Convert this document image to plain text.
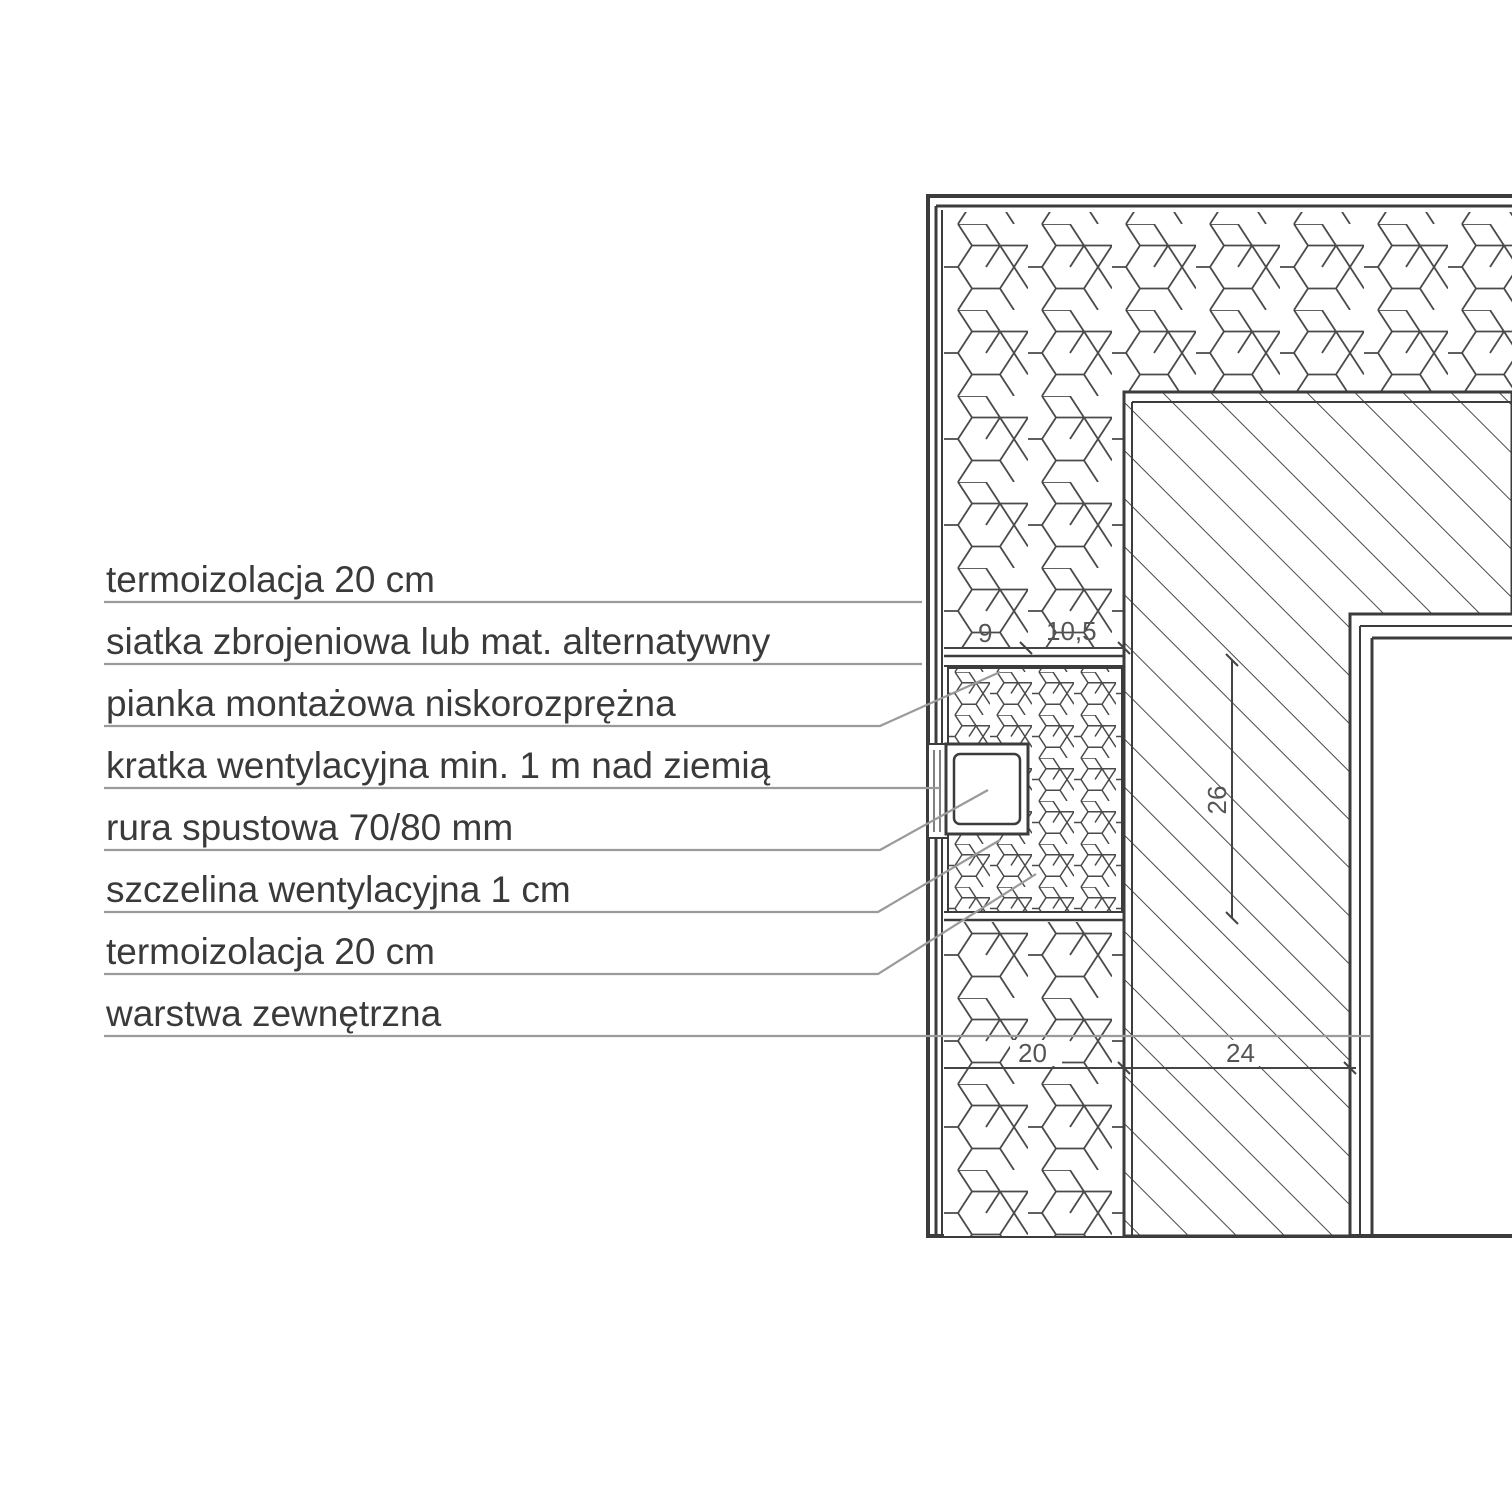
9 10,5
26
20	24
termoizolacja 20 cm
siatka zbrojeniowa lub mat. alternatywny
pianka montażowa niskorozprężna
kratka wentylacyjna min. 1 m nad ziemią
rura spustowa 70/80 mm
szczelina wentylacyjna 1 cm
termoizolacja 20 cm
warstwa zewnętrzna
